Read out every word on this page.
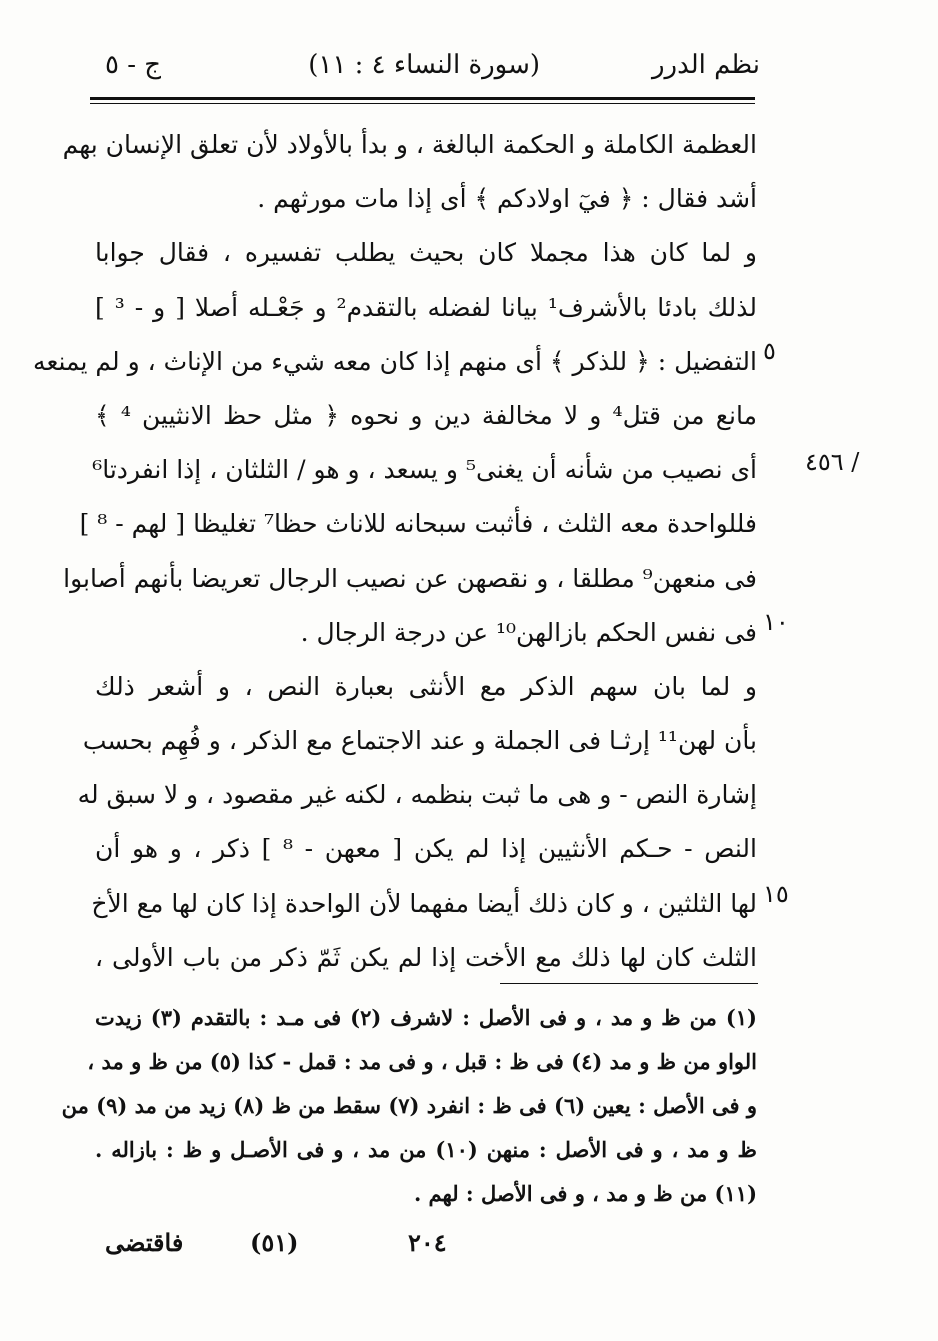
نظم الدرر
(سورة النساء ٤ : ١١)
ج - ٥
٤٥٦ /
٥
١٠
١٥
العظمة الكاملة و الحكمة البالغة ، و بدأ بالأولاد لأن تعلق الإنسان بهم
أشد فقال : ﴿ فيٓ اولادكم ﴾ أى إذا مات مورثهم .
و لما كان هذا مجملا كان بحيث يطلب تفسيره ، فقال جوابا
لذلك بادئا بالأشرف¹ بيانا لفضله بالتقدم² و جَعْـله أصلا [ و - ³ ]
التفضيل : ﴿ للذكر ﴾ أى منهم إذا كان معه شيء من الإناث ، و لم يمنعه
مانع من قتل⁴ و لا مخالفة دين و نحوه ﴿ مثل حظ الانثيين ⁴ ﴾
أى نصيب من شأنه أن يغنى⁵ و يسعد ، و هو / الثلثان ، إذا انفردتا⁶
فللواحدة معه الثلث ، فأثبت سبحانه للاناث حظا⁷ تغليظا [ لهم - ⁸ ]
فى منعهن⁹ مطلقا ، و نقصهن عن نصيب الرجال تعريضا بأنهم أصابوا
فى نفس الحكم بازالهن¹⁰ عن درجة الرجال .
و لما بان سهم الذكر مع الأنثى بعبارة النص ، و أشعر ذلك
بأن لهن¹¹ إرثـا فى الجملة و عند الاجتماع مع الذكر ، و فُهِم بحسب
إشارة النص - و هى ما ثبت بنظمه ، لكنه غير مقصود ، و لا سبق له
النص - حـكم الأنثيين إذا لم يكن [ معهن - ⁸ ] ذكر ، و هو أن
لها الثلثين ، و كان ذلك أيضا مفهما لأن الواحدة إذا كان لها مع الأخ
الثلث كان لها ذلك مع الأخت إذا لم يكن ثَمّ ذكر من باب الأولى ،
(١) من ظ و مد ، و فى الأصل : لاشرف (٢) فى مـد : بالتقدم (٣) زيدت
الواو من ظ و مد (٤) فى ظ : قبل ، و فى مد : قمل - كذا (٥) من ظ و مد ،
و فى الأصل : يعين (٦) فى ظ : انفرد (٧) سقط من ظ (٨) زيد من مد (٩) من
ظ و مد ، و فى الأصل : منهن (١٠) من مد ، و فى الأصـل و ظ : بازاله .
(١١) من ظ و مد ، و فى الأصل : لهم .
فاقتضى	(٥١)	٢٠٤
